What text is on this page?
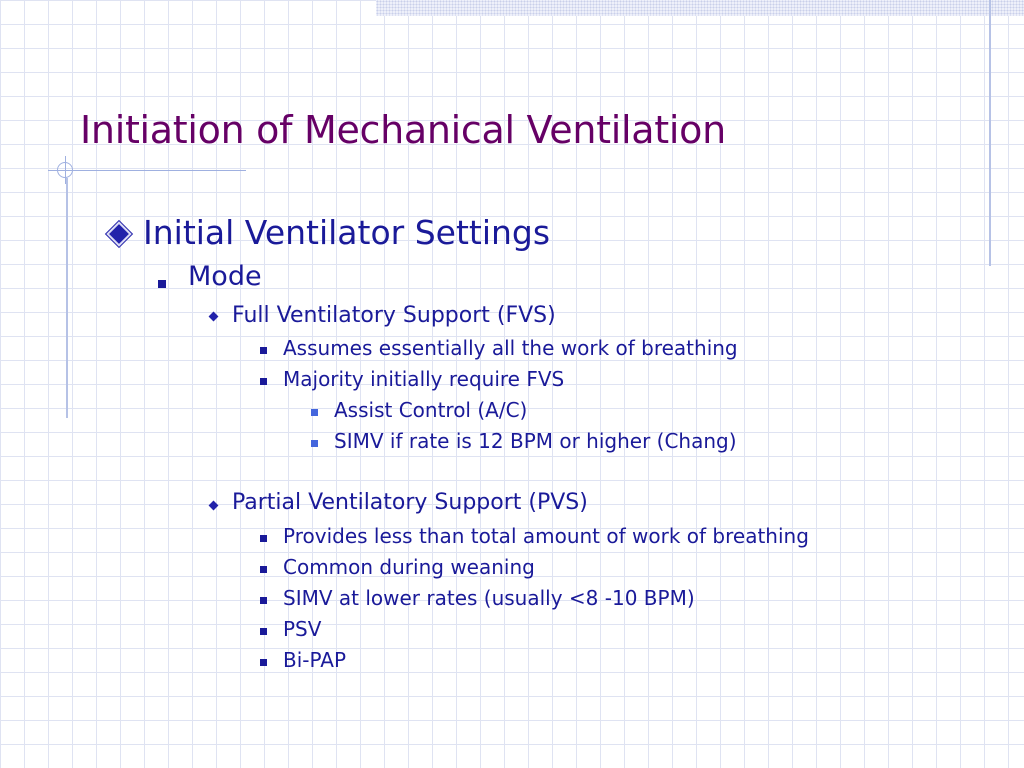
Initiation of Mechanical Ventilation
Initial Ventilator Settings
Mode
Full Ventilatory Support (FVS)
Assumes essentially all the work of breathing
Majority initially require FVS
Assist Control (A/C)
SIMV if rate is 12 BPM or higher (Chang)
Partial Ventilatory Support (PVS)
Provides less than total amount of work of breathing
Common during weaning
SIMV at lower rates (usually <8 -10 BPM)
PSV
Bi-PAP
